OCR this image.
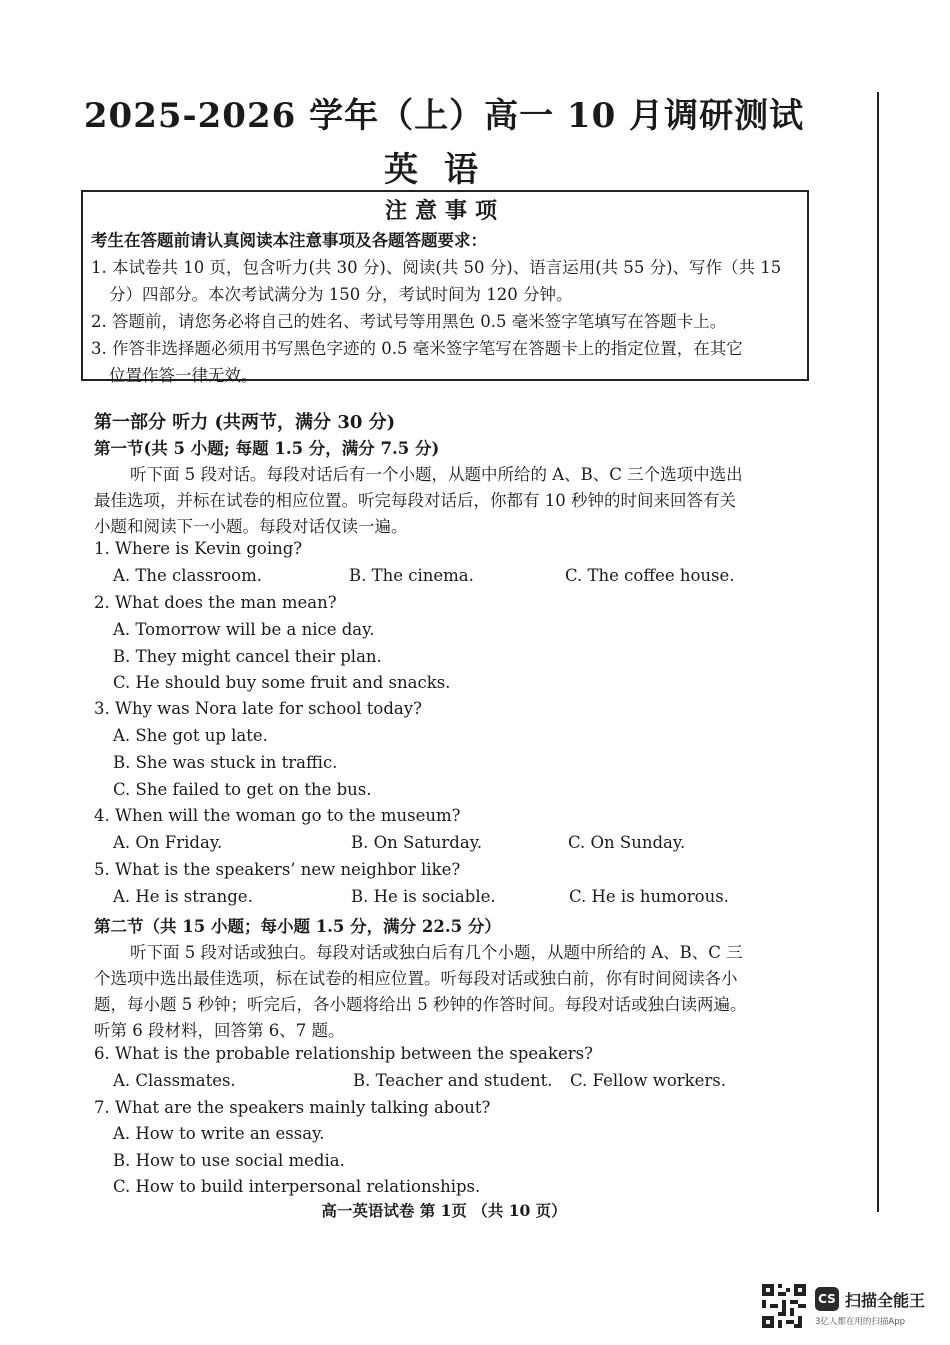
2025-2026 学年（上）高一 10 月调研测试
英语
注意事项
考生在答题前请认真阅读本注意事项及各题答题要求：
1. 本试卷共 10 页，包含听力(共 30 分)、阅读(共 50 分)、语言运用(共 55 分)、写作（共 15
分）四部分。本次考试满分为 150 分，考试时间为 120 分钟。
2. 答题前，请您务必将自己的姓名、考试号等用黑色 0.5 毫米签字笔填写在答题卡上。
3. 作答非选择题必须用书写黑色字迹的 0.5 毫米签字笔写在答题卡上的指定位置，在其它
位置作答一律无效。
第一部分 听力 (共两节，满分 30 分)
第一节(共 5 小题; 每题 1.5 分，满分 7.5 分)
听下面 5 段对话。每段对话后有一个小题，从题中所给的 A、B、C 三个选项中选出
最佳选项，并标在试卷的相应位置。听完每段对话后，你都有 10 秒钟的时间来回答有关
小题和阅读下一小题。每段对话仅读一遍。
1. Where is Kevin going?
A. The classroom.	B. The cinema.	C. The coffee house.
2. What does the man mean?
A. Tomorrow will be a nice day.
B. They might cancel their plan.
C. He should buy some fruit and snacks.
3. Why was Nora late for school today?
A. She got up late.
B. She was stuck in traffic.
C. She failed to get on the bus.
4. When will the woman go to the museum?
A. On Friday.	B. On Saturday.	C. On Sunday.
5. What is the speakers’ new neighbor like?
A. He is strange.	B. He is sociable.	C. He is humorous.
第二节（共 15 小题；每小题 1.5 分，满分 22.5 分）
听下面 5 段对话或独白。每段对话或独白后有几个小题，从题中所给的 A、B、C 三
个选项中选出最佳选项，标在试卷的相应位置。听每段对话或独白前，你有时间阅读各小
题，每小题 5 秒钟；听完后，各小题将给出 5 秒钟的作答时间。每段对话或独白读两遍。
听第 6 段材料，回答第 6、7 题。
6. What is the probable relationship between the speakers?
A. Classmates.	B. Teacher and student. C. Fellow workers.
7. What are the speakers mainly talking about?
A. How to write an essay.
B. How to use social media.
C. How to build interpersonal relationships.
高一英语试卷 第 1页 （共 10 页）
CS 扫描全能王
3亿人都在用的扫描App
